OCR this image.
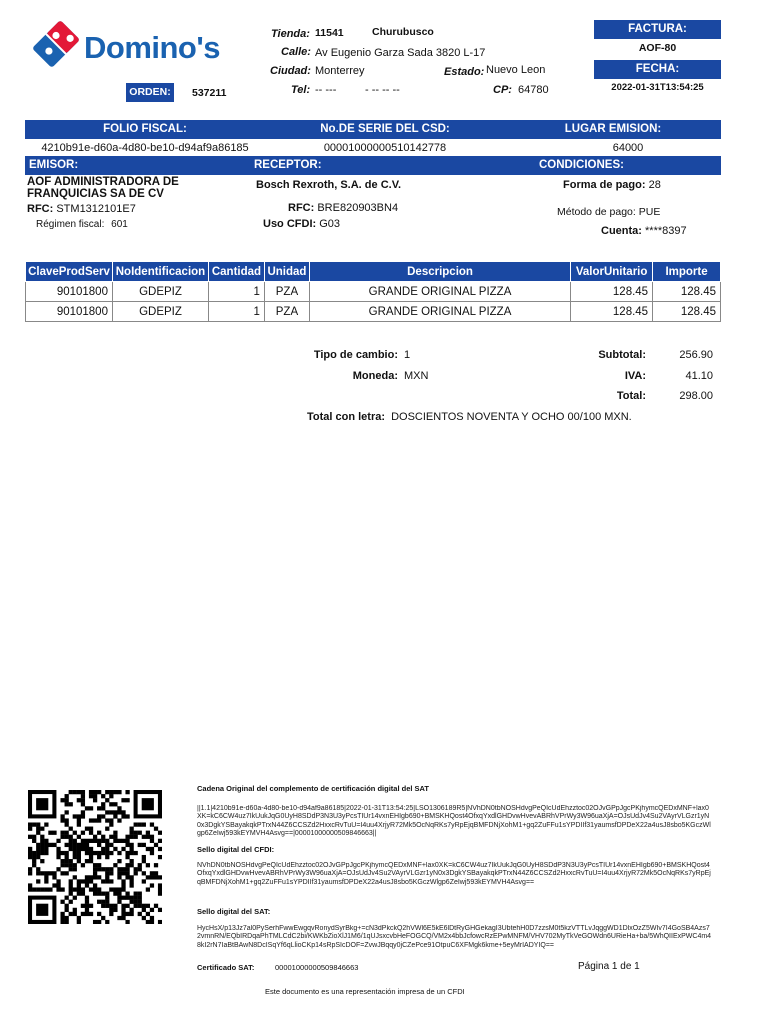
Domino's	Tienda: 11541	Churubusco
Calle: Av Eugenio Garza Sada 3820 L-17
Ciudad: Monterrey	Estado: Nuevo Leon
Tel: -- ---	- -- -- --	CP: 64780
ORDEN:	537211
FACTURA:
AOF-80
FECHA:
2022-01-31T13:54:25
FOLIO FISCAL:	No.DE SERIE DEL CSD:	LUGAR EMISION:
4210b91e-d60a-4d80-be10-d94af9a86185	00001000000510142778	64000
EMISOR:	RECEPTOR:	CONDICIONES:
AOF ADMINISTRADORA DE FRANQUICIAS SA DE CV
RFC: STM1312101E7
Régimen fiscal: 601
Bosch Rexroth, S.A. de C.V.
RFC: BRE820903BN4
Uso CFDI: G03
Forma de pago: 28
Método de pago: PUE
Cuenta: ****8397
ClaveProdServ	NoIdentificacion	Cantidad	Unidad	Descripcion	ValorUnitario	Importe
90101800	GDEPIZ	1	PZA	GRANDE ORIGINAL PIZZA	128.45	128.45
90101800	GDEPIZ	1	PZA	GRANDE ORIGINAL PIZZA	128.45	128.45
Tipo de cambio: 1
Moneda: MXN
Subtotal:	256.90
IVA:	41.10
Total:	298.00
Total con letra: DOSCIENTOS NOVENTA Y OCHO 00/100 MXN.
Cadena Original del complemento de certificación digital del SAT
||1.1|4210b91e-d60a-4d80-be10-d94af9a86185|2022-01-31T13:54:25|LSO1306189R5|NVhDN0tbNOSHdvgPeQIcUdEhzztoc02OJvGPpJgcPKjhymcQEDxMNF+lax0XK=kC6CW4uz7IkUukJqG0UyH8SDdP3N3U3yPcsTIUr14vxnEHIgb690+BMSKHQost4OfxqYxdlGHDvwHvevABRhVPrWy3W96uaXjA=OJsUdJv4Su2VAyrVLGzr1yN0x3DgkYSBayakqkPTrxN44Z6CCSZd2HxxcRvTuU=I4uu4XrjyR72Mk5OcNqRKs7yRpEjqBMFDNjXohM1+gq2ZuFFu1sYPDIIf31yaumsfDPDeX22a4usJ8sbo5KGczWlgp6ZeIwj593kEYMVH4Asvg==|00001000000509846663||
Sello digital del CFDI:
NVhDN0tbNOSHdvgPeQIcUdEhzztoc02OJvGPpJgcPKjhymcQEDxMNF+lax0XK=kC6CW4uz7IkUukJqG0UyH8SDdP3N3U3yPcsTIUr14vxnEHIgb690+BMSKHQost4OfxqYxdlGHDvwHvevABRhVPrWy3W96uaXjA=OJsUdJv4Su2VAyrVLGzr1yN0x3DgkYSBayakqkPTrxN44Z6CCSZd2HxxcRvTuU=I4uu4XrjyR72Mk5OcNqRKs7yRpEjqBMFDNjXohM1+gq2ZuFFu1sYPDIIf31yaumsfDPDeX22a4usJ8sbo5KGczWlgp6ZeIwj593kEYMVH4Asvg==
Sello digital del SAT:
HycHsX/p13Jz7al0PySerhFwwEwgqvRonydSyrBkg+=cN3dPkckQ2hVWl6E5kE6lDtRyGHGekagI3UbtehH0D7zzsM0t5kzVTTLvJqggWD1DlxOzZ5WIv7I4GoSB4Azs72vmnRN/EQbIRDqaPhTMLCdC2bi/KWKbZioXlJ1M6/1qUJsxcvbHeFOGCQ/VM2x4bbJcfowcRzEPwMNFM/VHV702MyTkVeGOWdn6URieHa+ba/5WhQIIExPWC4m48kI2rN7IaBtBAwN8DcISqYf6qLlioCKp14sRpSIcDOF=ZvwJBqqy0jCZePce91OtpuC6XFMgk6kme+5eyMrIADYIQ==
Certificado SAT:	00001000000509846663	Página 1 de 1
Este documento es una representación impresa de un CFDI
